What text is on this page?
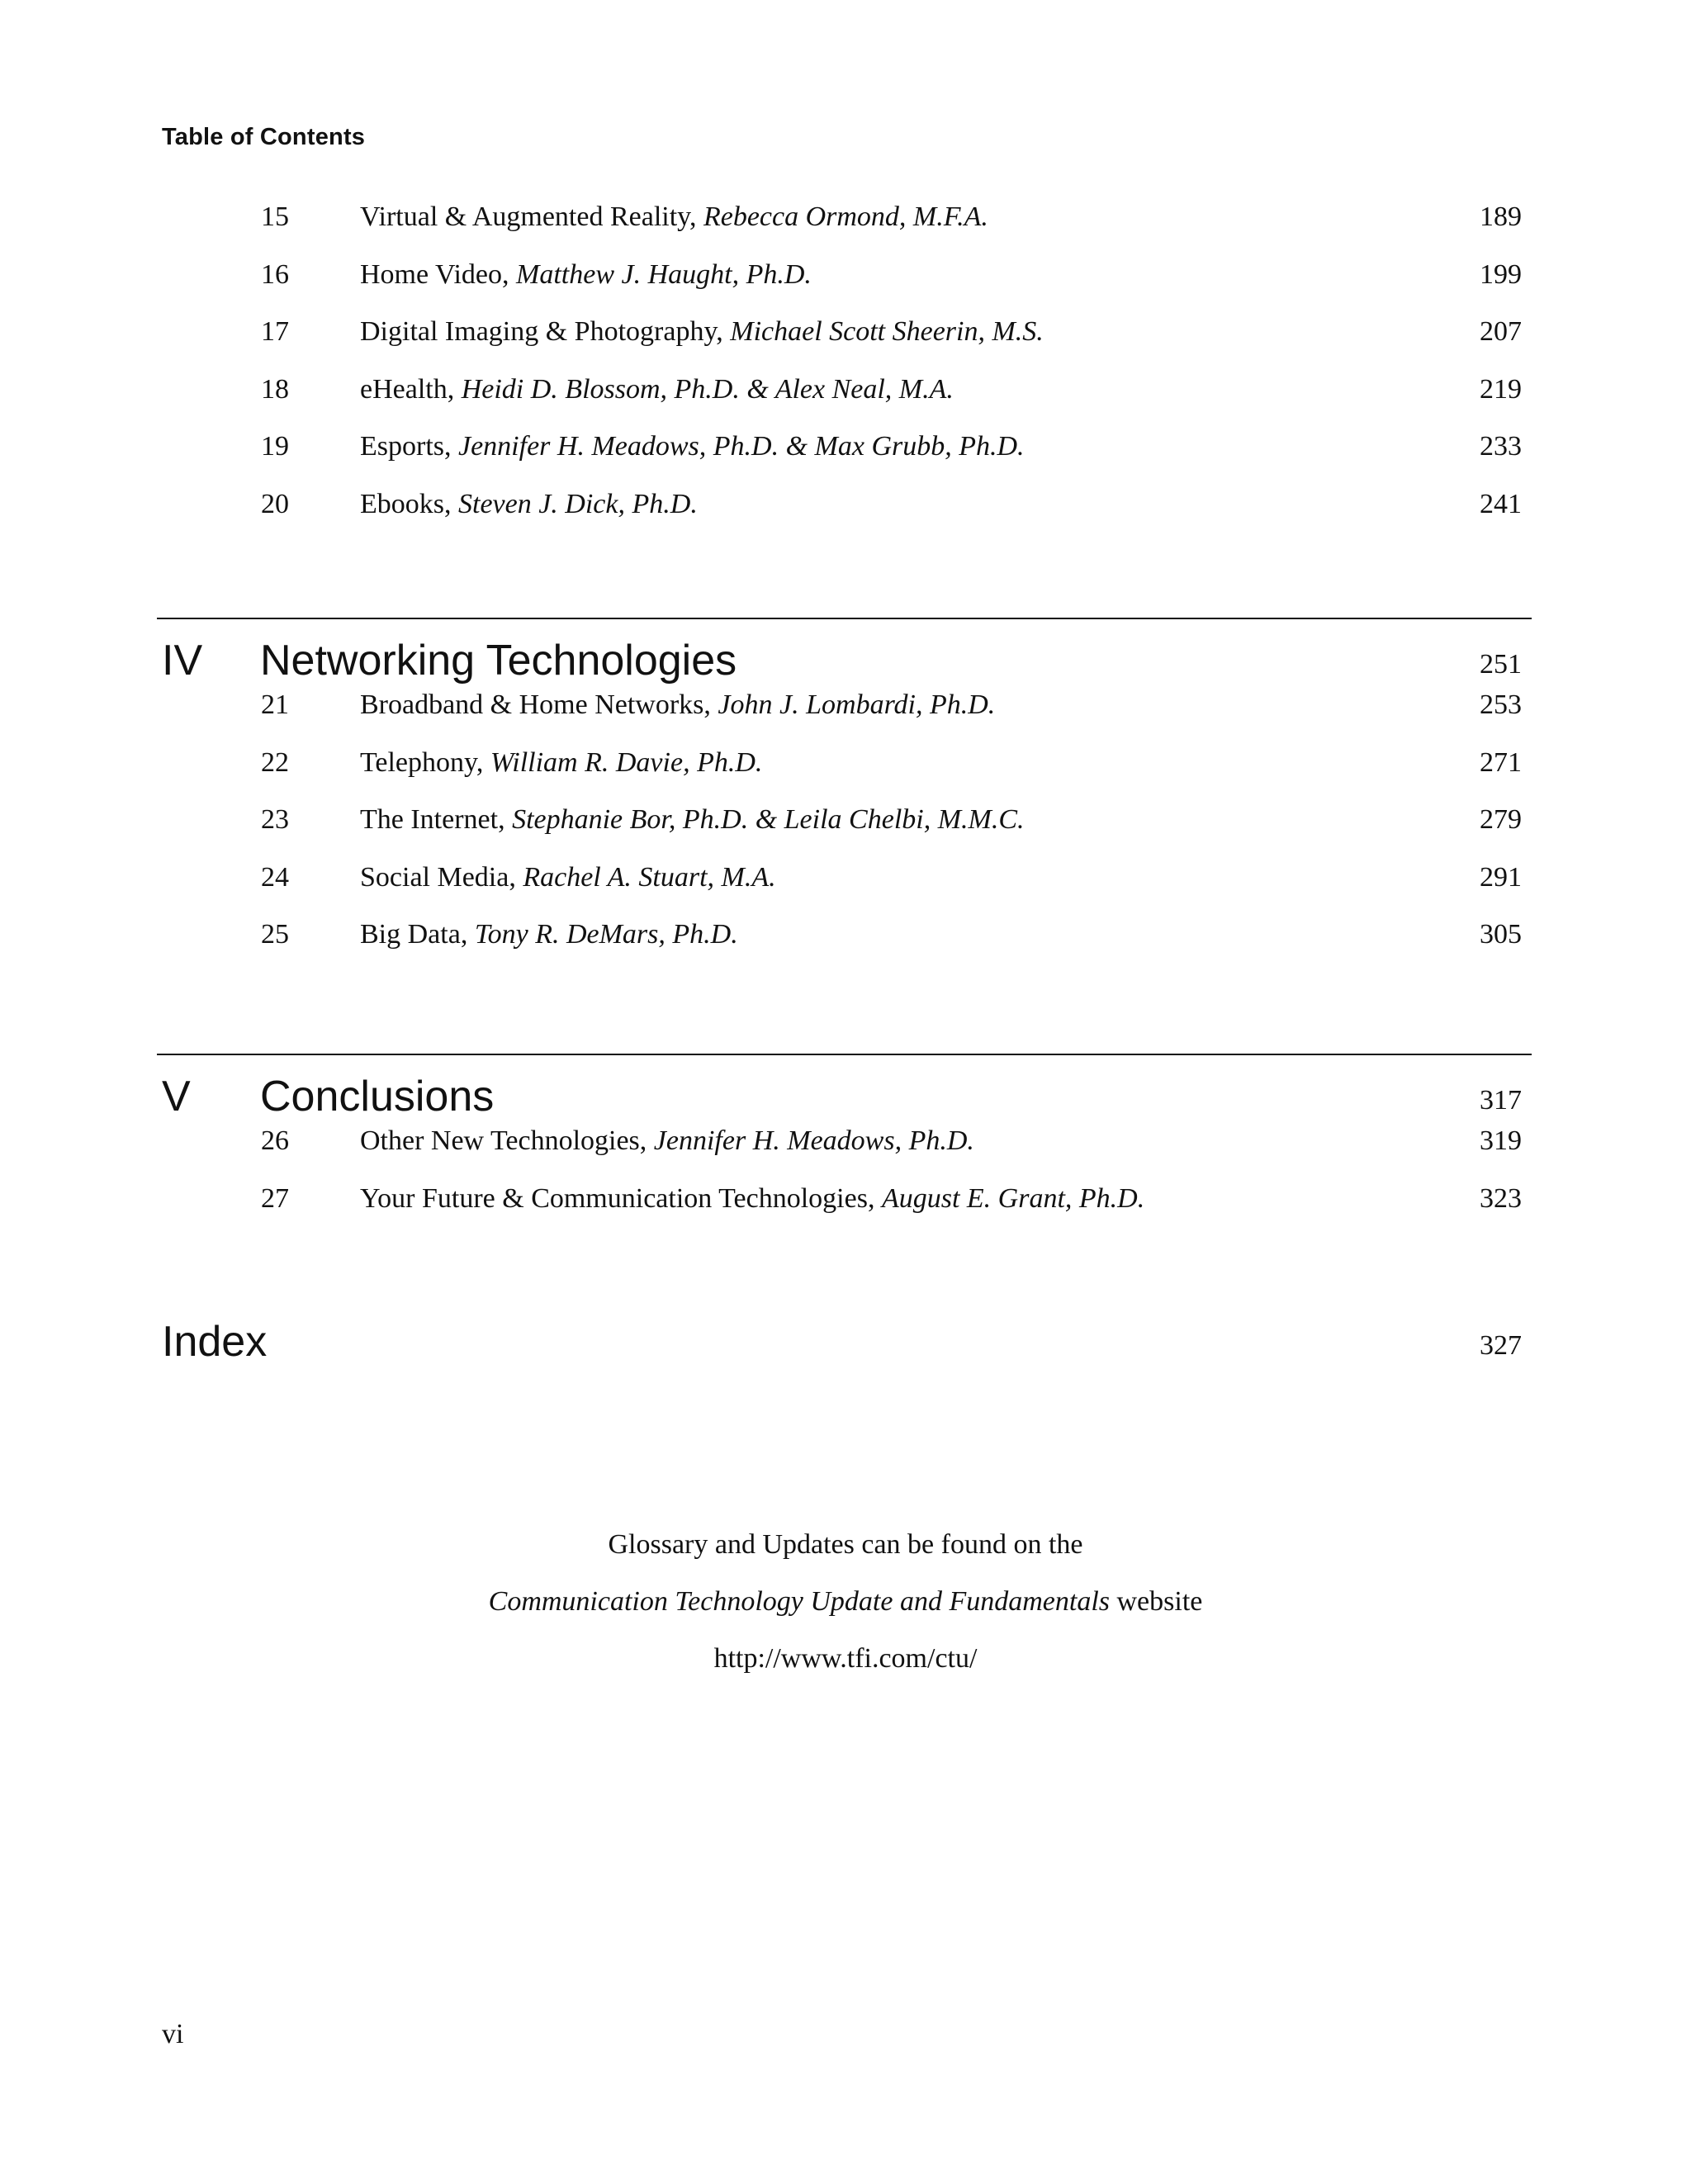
Table of Contents
15	Virtual & Augmented Reality, Rebecca Ormond, M.F.A.	189
16	Home Video, Matthew J. Haught, Ph.D.	199
17	Digital Imaging & Photography, Michael Scott Sheerin, M.S.	207
18	eHealth, Heidi D. Blossom, Ph.D. & Alex Neal, M.A.	219
19	Esports, Jennifer H. Meadows, Ph.D. & Max Grubb, Ph.D.	233
20	Ebooks, Steven J. Dick, Ph.D.	241
IV Networking Technologies	251
21	Broadband & Home Networks, John J. Lombardi, Ph.D.	253
22	Telephony, William R. Davie, Ph.D.	271
23	The Internet, Stephanie Bor, Ph.D. & Leila Chelbi, M.M.C.	279
24	Social Media, Rachel A. Stuart, M.A.	291
25	Big Data, Tony R. DeMars, Ph.D.	305
V Conclusions	317
26	Other New Technologies, Jennifer H. Meadows, Ph.D.	319
27	Your Future & Communication Technologies, August E. Grant, Ph.D.	323
Index	327
Glossary and Updates can be found on the
Communication Technology Update and Fundamentals website
http://www.tfi.com/ctu/
vi
